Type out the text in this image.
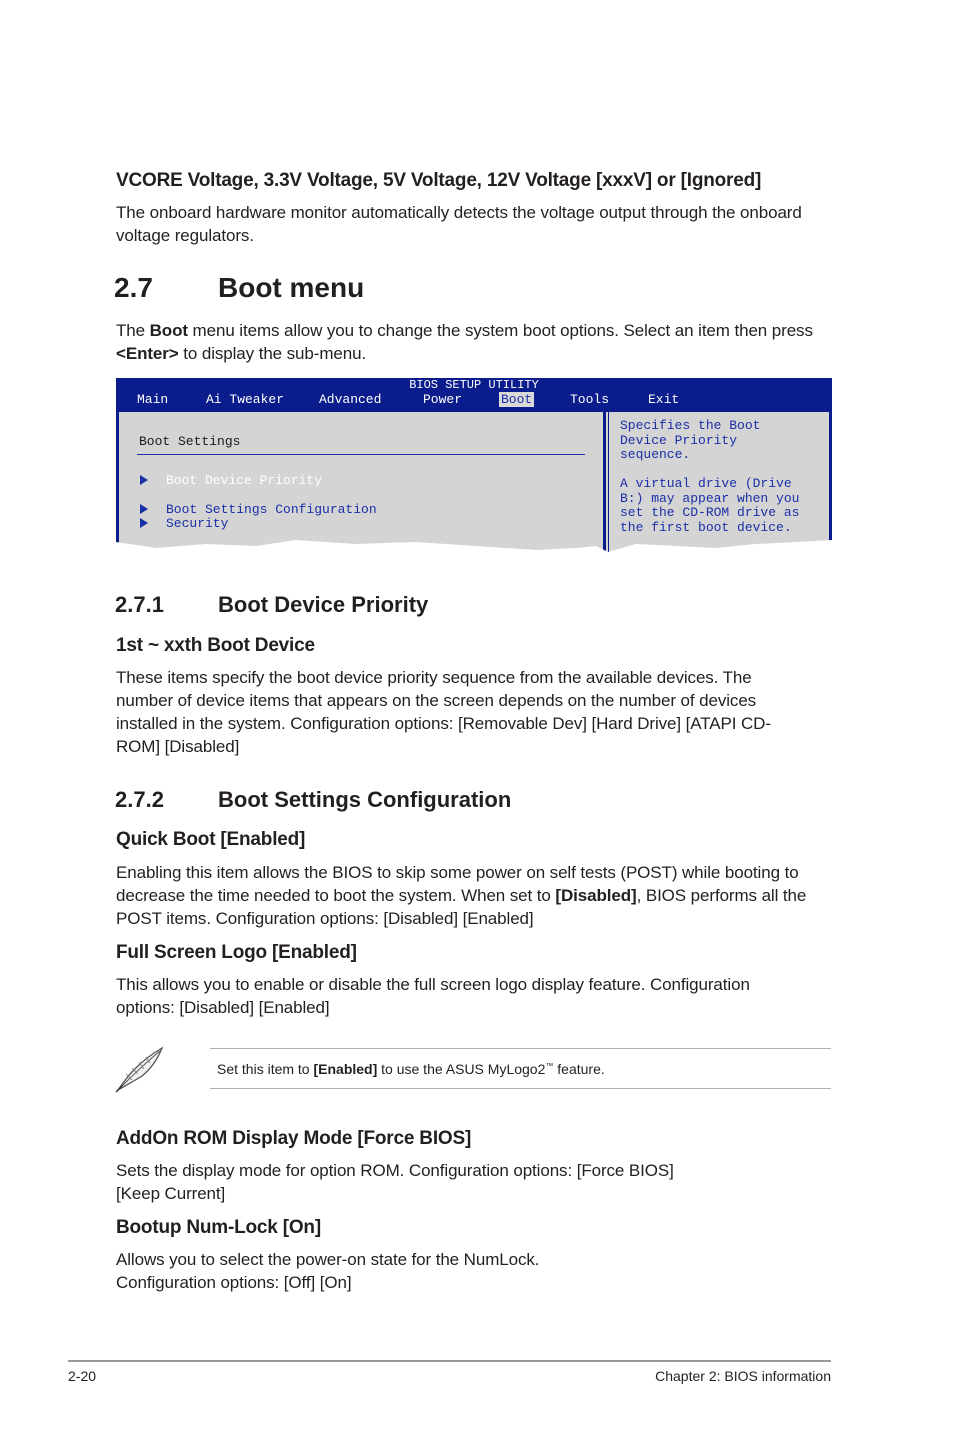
VCORE Voltage, 3.3V Voltage, 5V Voltage, 12V Voltage [xxxV] or [Ignored]
The onboard hardware monitor automatically detects the voltage output through the onboard voltage regulators.
2.7 Boot menu
The Boot menu items allow you to change the system boot options. Select an item then press <Enter> to display the sub-menu.
BIOS SETUP UTILITY
Main	Ai Tweaker	Advanced	Power	Boot	Tools	Exit
Boot Settings
Boot Device Priority
Boot Settings Configuration
Security
Specifies the Boot
Device Priority
sequence.
A virtual drive (Drive
B:) may appear when you
set the CD-ROM drive as
the first boot device.
2.7.1 Boot Device Priority
1st ~ xxth Boot Device
These items specify the boot device priority sequence from the available devices. The number of device items that appears on the screen depends on the number of devices installed in the system. Configuration options: [Removable Dev] [Hard Drive] [ATAPI CD-ROM] [Disabled]
2.7.2 Boot Settings Configuration
Quick Boot [Enabled]
Enabling this item allows the BIOS to skip some power on self tests (POST) while booting to decrease the time needed to boot the system. When set to [Disabled], BIOS performs all the POST items. Configuration options: [Disabled] [Enabled]
Full Screen Logo [Enabled]
This allows you to enable or disable the full screen logo display feature. Configuration options: [Disabled] [Enabled]
Set this item to [Enabled] to use the ASUS MyLogo2™ feature.
AddOn ROM Display Mode [Force BIOS]
Sets the display mode for option ROM. Configuration options: [Force BIOS] [Keep Current]
Bootup Num-Lock [On]
Allows you to select the power-on state for the NumLock.
Configuration options: [Off] [On]
2-20	Chapter 2: BIOS information
